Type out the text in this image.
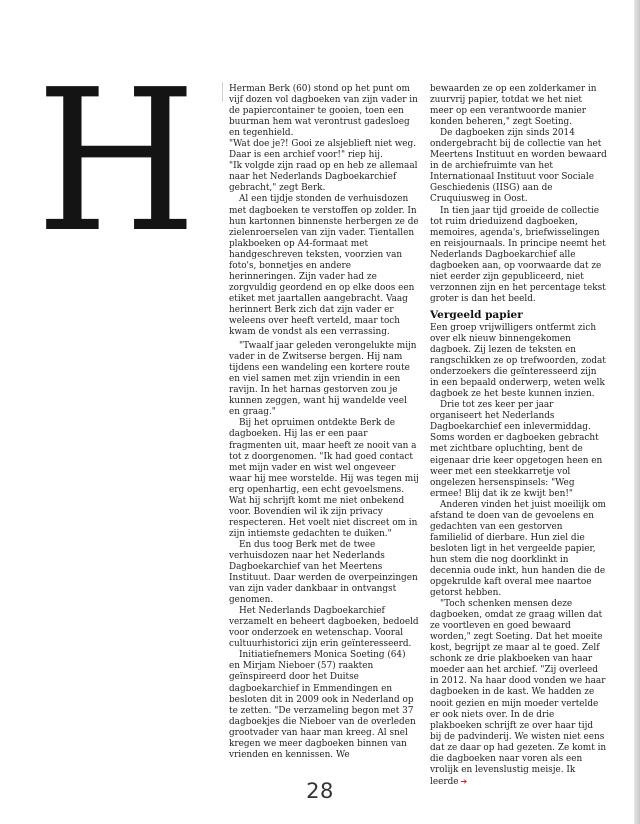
H	Herman Berk (60) stond op het punt om vijf dozen vol dagboeken van zijn vader in de papiercontainer te gooien, toen een buurman hem wat verontrust gadesloeg en tegenhield.

"Wat doe je?! Gooi ze alsjeblieft niet weg. Daar is een archief voor!" riep hij.

"Ik volgde zijn raad op en heb ze allemaal naar het Nederlands Dagboekarchief gebracht," zegt Berk.

Al een tijdje stonden de verhuisdozen met dagboeken te verstoffen op zolder. In hun kartonnen binnenste herbergen ze de zielenroerselen van zijn vader. Tientallen plakboeken op A4-formaat met handgeschreven teksten, voorzien van foto's, bonnetjes en andere herinneringen. Zijn vader had ze zorgvuldig geordend en op elke doos een etiket met jaartallen aangebracht. Vaag herinnert Berk zich dat zijn vader er weleens over heeft verteld, maar toch kwam de vondst als een verrassing.

"Twaalf jaar geleden verongelukte mijn vader in de Zwitserse bergen. Hij nam tijdens een wandeling een kortere route en viel samen met zijn vriendin in een ravijn. In het harnas gestorven zou je kunnen zeggen, want hij wandelde veel en graag."

Bij het opruimen ontdekte Berk de dagboeken. Hij las er een paar fragmenten uit, maar heeft ze nooit van a tot z doorgenomen. "Ik had goed contact met mijn vader en wist wel ongeveer waar hij mee worstelde. Hij was tegen mij erg openhartig, een echt gevoelsmens. Wat hij schrijft komt me niet onbekend voor. Bovendien wil ik zijn privacy respecteren. Het voelt niet discreet om in zijn intiemste gedachten te duiken."

En dus toog Berk met de twee verhuisdozen naar het Nederlands Dagboekarchief van het Meertens Instituut. Daar werden de overpeinzingen van zijn vader dankbaar in ontvangst genomen.

Het Nederlands Dagboekarchief verzamelt en beheert dagboeken, bedoeld voor onderzoek en wetenschap. Vooral cultuurhistorici zijn erin geïnteresseerd.

Initiatiefnemers Monica Soeting (64) en Mirjam Nieboer (57) raakten geïnspireerd door het Duitse dagboekarchief in Emmendingen en besloten dit in 2009 ook in Nederland op te zetten. "De verzameling begon met 37 dagboekjes die Nieboer van de overleden grootvader van haar man kreeg. Al snel kregen we meer dagboeken binnen van vrienden en kennissen. We

bewaarden ze op een zolderkamer in zuurvrij papier, totdat we het niet meer op een verantwoorde manier konden beheren," zegt Soeting.

De dagboeken zijn sinds 2014 ondergebracht bij de collectie van het Meertens Instituut en worden bewaard in de archiefruimte van het Internationaal Instituut voor Sociale Geschiedenis (IISG) aan de Cruquiusweg in Oost.

In tien jaar tijd groeide de collectie tot ruim drieduizend dagboeken, memoires, agenda's, briefwisselingen en reisjournaals. In principe neemt het Nederlands Dagboekarchief alle dagboeken aan, op voorwaarde dat ze niet eerder zijn gepubliceerd, niet verzonnen zijn en het percentage tekst groter is dan het beeld.

Vergeeld papier

Een groep vrijwilligers ontfermt zich over elk nieuw binnengekomen dagboek. Zij lezen de teksten en rangschikken ze op trefwoorden, zodat onderzoekers die geïnteresseerd zijn in een bepaald onderwerp, weten welk dagboek ze het beste kunnen inzien.

Drie tot zes keer per jaar organiseert het Nederlands Dagboekarchief een inlevermiddag. Soms worden er dagboeken gebracht met zichtbare opluchting, bent de eigenaar drie keer opgetogen heen en weer met een steekkarretje vol ongelezen hersenspinsels: "Weg ermee! Blij dat ik ze kwijt ben!"

Anderen vinden het juist moeilijk om afstand te doen van de gevoelens en gedachten van een gestorven familielid of dierbare. Hun ziel die besloten ligt in het vergeelde papier, hun stem die nog doorklinkt in decennia oude inkt, hun handen die de opgekrulde kaft overal mee naartoe getorst hebben.

"Toch schenken mensen deze dagboeken, omdat ze graag willen dat ze voortleven en goed bewaard worden," zegt Soeting. Dat het moeite kost, begrijpt ze maar al te goed. Zelf schonk ze drie plakboeken van haar moeder aan het archief. "Zij overleed in 2012. Na haar dood vonden we haar dagboeken in de kast. We hadden ze nooit gezien en mijn moeder vertelde er ook niets over. In de drie plakboeken schrijft ze over haar tijd bij de padvinderij. We wisten niet eens dat ze daar op had gezeten. Ze komt in die dagboeken naar voren als een vrolijk en levenslustig meisje. Ik leerde ➔

28
